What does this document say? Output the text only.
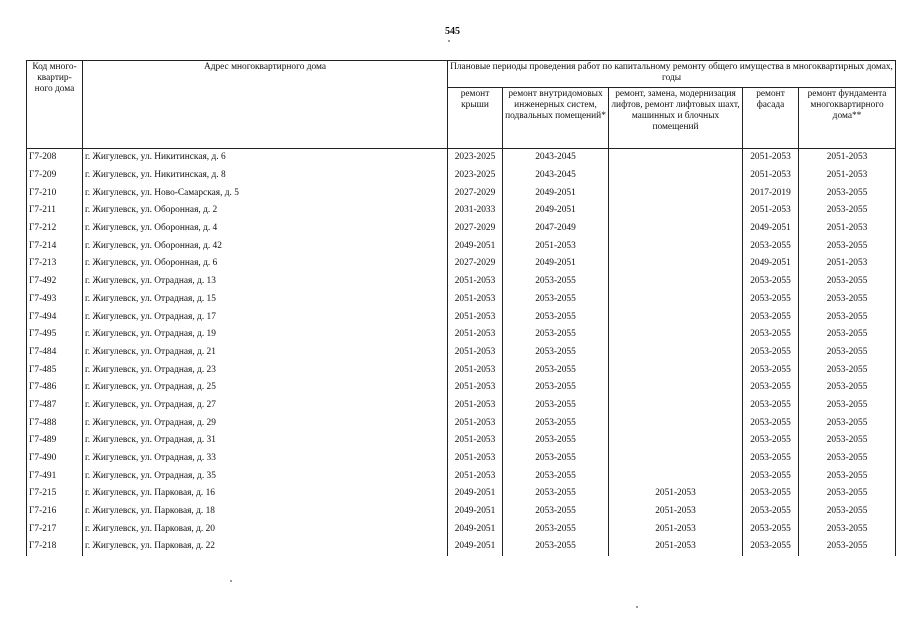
545
Код много-квартир-ного дома	Адрес многоквартирного дома	Плановые периоды проведения работ по капитальному ремонту общего имущества в многоквартирных домах, годы				
		ремонт крыши	ремонт внутридомовых инженерных систем, подвальных помещений*	ремонт, замена, модернизация лифтов, ремонт лифтовых шахт, машинных и блочных помещений	ремонт фасада	ремонт фундамента многоквартирного дома**
Г7-208	г. Жигулевск, ул. Никитинская, д. 6	2023-2025	2043-2045		2051-2053	2051-2053
Г7-209	г. Жигулевск, ул. Никитинская, д. 8	2023-2025	2043-2045		2051-2053	2051-2053
Г7-210	г. Жигулевск, ул. Ново-Самарская, д. 5	2027-2029	2049-2051		2017-2019	2053-2055
Г7-211	г. Жигулевск, ул. Оборонная, д. 2	2031-2033	2049-2051		2051-2053	2053-2055
Г7-212	г. Жигулевск, ул. Оборонная, д. 4	2027-2029	2047-2049		2049-2051	2051-2053
Г7-214	г. Жигулевск, ул. Оборонная, д. 42	2049-2051	2051-2053		2053-2055	2053-2055
Г7-213	г. Жигулевск, ул. Оборонная, д. 6	2027-2029	2049-2051		2049-2051	2051-2053
Г7-492	г. Жигулевск, ул. Отрадная, д. 13	2051-2053	2053-2055		2053-2055	2053-2055
Г7-493	г. Жигулевск, ул. Отрадная, д. 15	2051-2053	2053-2055		2053-2055	2053-2055
Г7-494	г. Жигулевск, ул. Отрадная, д. 17	2051-2053	2053-2055		2053-2055	2053-2055
Г7-495	г. Жигулевск, ул. Отрадная, д. 19	2051-2053	2053-2055		2053-2055	2053-2055
Г7-484	г. Жигулевск, ул. Отрадная, д. 21	2051-2053	2053-2055		2053-2055	2053-2055
Г7-485	г. Жигулевск, ул. Отрадная, д. 23	2051-2053	2053-2055		2053-2055	2053-2055
Г7-486	г. Жигулевск, ул. Отрадная, д. 25	2051-2053	2053-2055		2053-2055	2053-2055
Г7-487	г. Жигулевск, ул. Отрадная, д. 27	2051-2053	2053-2055		2053-2055	2053-2055
Г7-488	г. Жигулевск, ул. Отрадная, д. 29	2051-2053	2053-2055		2053-2055	2053-2055
Г7-489	г. Жигулевск, ул. Отрадная, д. 31	2051-2053	2053-2055		2053-2055	2053-2055
Г7-490	г. Жигулевск, ул. Отрадная, д. 33	2051-2053	2053-2055		2053-2055	2053-2055
Г7-491	г. Жигулевск, ул. Отрадная, д. 35	2051-2053	2053-2055		2053-2055	2053-2055
Г7-215	г. Жигулевск, ул. Парковая, д. 16	2049-2051	2053-2055	2051-2053	2053-2055	2053-2055
Г7-216	г. Жигулевск, ул. Парковая, д. 18	2049-2051	2053-2055	2051-2053	2053-2055	2053-2055
Г7-217	г. Жигулевск, ул. Парковая, д. 20	2049-2051	2053-2055	2051-2053	2053-2055	2053-2055
Г7-218	г. Жигулевск, ул. Парковая, д. 22	2049-2051	2053-2055	2051-2053	2053-2055	2053-2055
